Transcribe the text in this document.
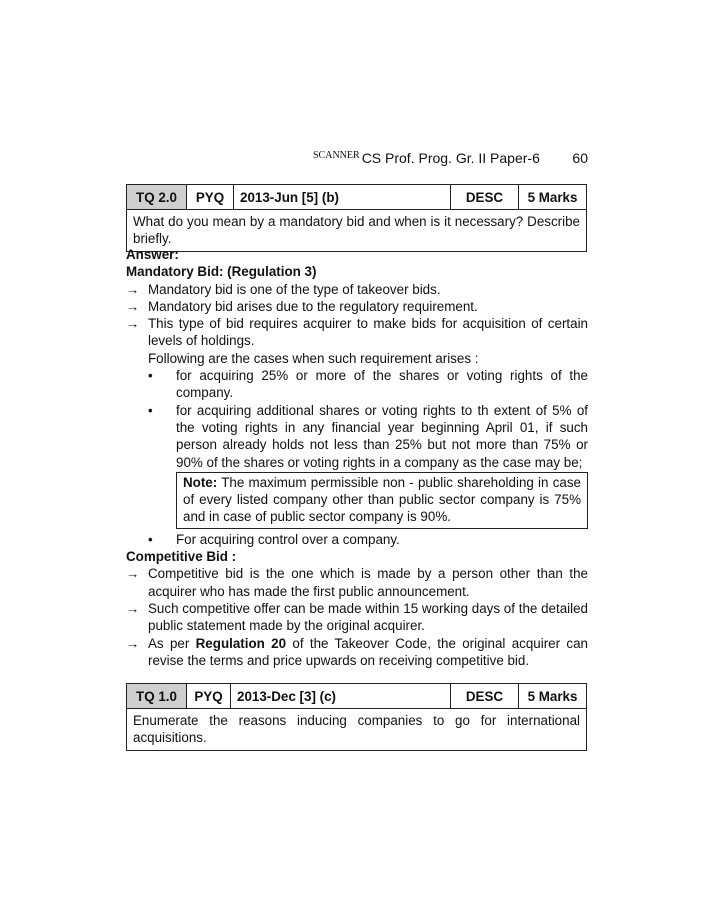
SCANNER CS Prof. Prog. Gr. II Paper-6	60
TQ 2.0	PYQ	2013-Jun [5] (b)	DESC	5 Marks
What do you mean by a mandatory bid and when is it necessary? Describe briefly.
Answer:
Mandatory Bid: (Regulation 3)
→ Mandatory bid is one of the type of takeover bids.
→ Mandatory bid arises due to the regulatory requirement.
→ This type of bid requires acquirer to make bids for acquisition of certain levels of holdings.
Following are the cases when such requirement arises :
• for acquiring 25% or more of the shares or voting rights of the company.
• for acquiring additional shares or voting rights to th extent of 5% of the voting rights in any financial year beginning April 01, if such person already holds not less than 25% but not more than 75% or 90% of the shares or voting rights in a company as the case may be;
Note: The maximum permissible non - public shareholding in case of every listed company other than public sector company is 75% and in case of public sector company is 90%.
• For acquiring control over a company.
Competitive Bid :
→ Competitive bid is the one which is made by a person other than the acquirer who has made the first public announcement.
→ Such competitive offer can be made within 15 working days of the detailed public statement made by the original acquirer.
→ As per Regulation 20 of the Takeover Code, the original acquirer can revise the terms and price upwards on receiving competitive bid.
TQ 1.0	PYQ	2013-Dec [3] (c)	DESC	5 Marks
Enumerate the reasons inducing companies to go for international acquisitions.
